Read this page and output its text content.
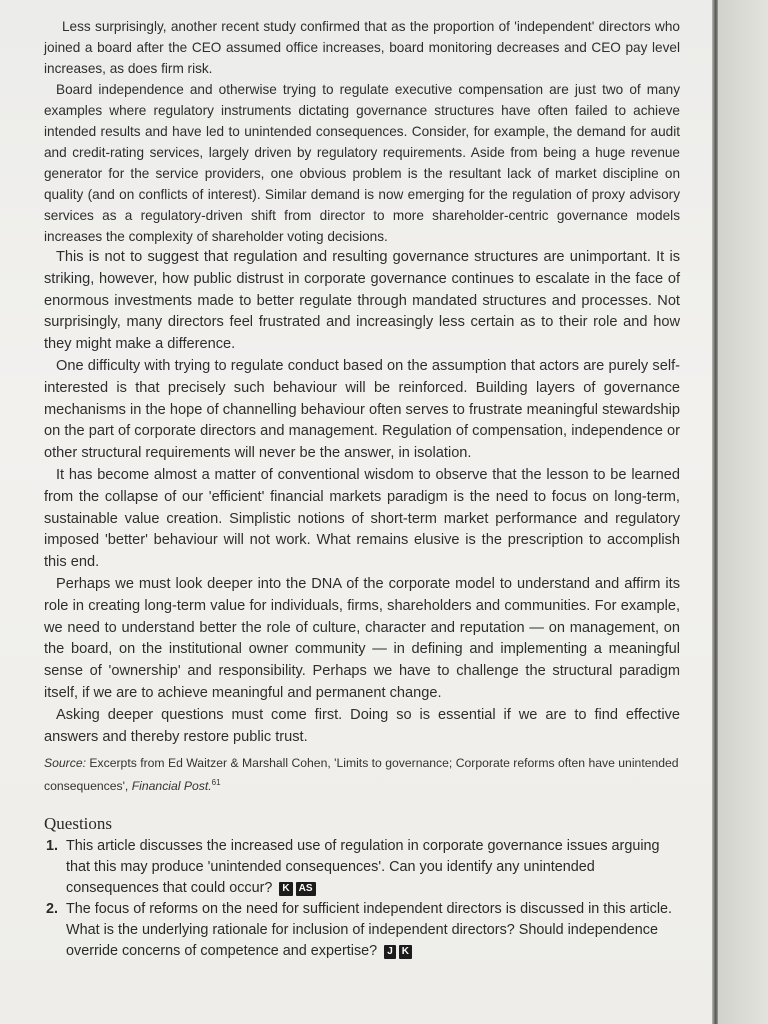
Less surprisingly, another recent study confirmed that as the proportion of 'independent' directors who joined a board after the CEO assumed office increases, board monitoring decreases and CEO pay level increases, as does firm risk.

Board independence and otherwise trying to regulate executive compensation are just two of many examples where regulatory instruments dictating governance structures have often failed to achieve intended results and have led to unintended consequences. Consider, for example, the demand for audit and credit-rating services, largely driven by regulatory requirements. Aside from being a huge revenue generator for the service providers, one obvious problem is the resultant lack of market discipline on quality (and on conflicts of interest). Similar demand is now emerging for the regulation of proxy advisory services as a regulatory-driven shift from director to more shareholder-centric governance models increases the complexity of shareholder voting decisions.

This is not to suggest that regulation and resulting governance structures are unimportant. It is striking, however, how public distrust in corporate governance continues to escalate in the face of enormous investments made to better regulate through mandated structures and processes. Not surprisingly, many directors feel frustrated and increasingly less certain as to their role and how they might make a difference.

One difficulty with trying to regulate conduct based on the assumption that actors are purely self-interested is that precisely such behaviour will be reinforced. Building layers of governance mechanisms in the hope of channelling behaviour often serves to frustrate meaningful stewardship on the part of corporate directors and management. Regulation of compensation, independence or other structural requirements will never be the answer, in isolation.

It has become almost a matter of conventional wisdom to observe that the lesson to be learned from the collapse of our 'efficient' financial markets paradigm is the need to focus on long-term, sustainable value creation. Simplistic notions of short-term market performance and regulatory imposed 'better' behaviour will not work. What remains elusive is the prescription to accomplish this end.

Perhaps we must look deeper into the DNA of the corporate model to understand and affirm its role in creating long-term value for individuals, firms, shareholders and communities. For example, we need to understand better the role of culture, character and reputation — on management, on the board, on the institutional owner community — in defining and implementing a meaningful sense of 'ownership' and responsibility. Perhaps we have to challenge the structural paradigm itself, if we are to achieve meaningful and permanent change.

Asking deeper questions must come first. Doing so is essential if we are to find effective answers and thereby restore public trust.

Source: Excerpts from Ed Waitzer & Marshall Cohen, 'Limits to governance; Corporate reforms often have unintended consequences', Financial Post.$^{61}$
Questions
1. This article discusses the increased use of regulation in corporate governance issues arguing that this may produce 'unintended consequences'. Can you identify any unintended consequences that could occur? K AS
2. The focus of reforms on the need for sufficient independent directors is discussed in this article. What is the underlying rationale for inclusion of independent directors? Should independence override concerns of competence and expertise? J K
